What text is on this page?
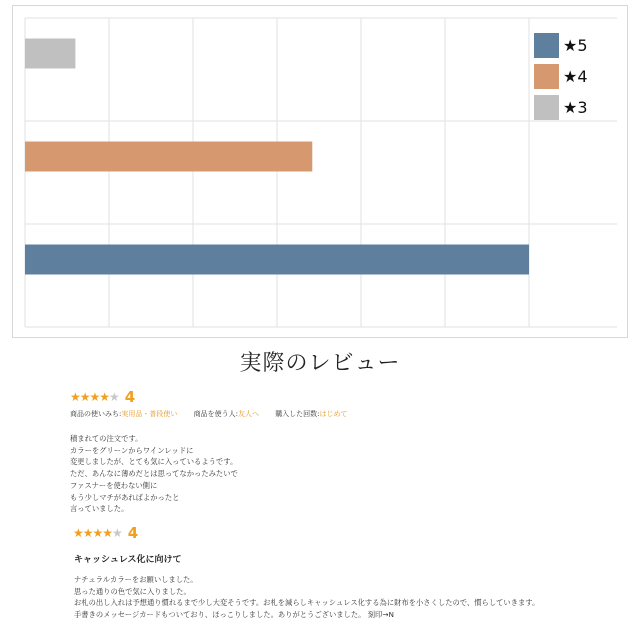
★5
★4
★3
実際のレビュー
★★★★★ 4
商品の使いみち:実用品・普段使い 商品を使う人:友人へ 購入した回数:はじめて
積まれての注文です。
カラーをグリーンからワインレッドに
変更しましたが、とても気に入っているようです。
ただ、あんなに薄めだとは思ってなかったみたいで
ファスナーを使わない側に
もう少しマチがあればよかったと
言っていました。
★★★★★ 4
キャッシュレス化に向けて
ナチュラルカラーをお願いしました。
思った通りの色で気に入りました。
お札の出し入れは予想通り慣れるまで少し大変そうです。お札を減らしキャッシュレス化する為に財布を小さくしたので、慣らしていきます。
手書きのメッセージカードもついており、ほっこりしました。ありがとうございました。 刻印→N
